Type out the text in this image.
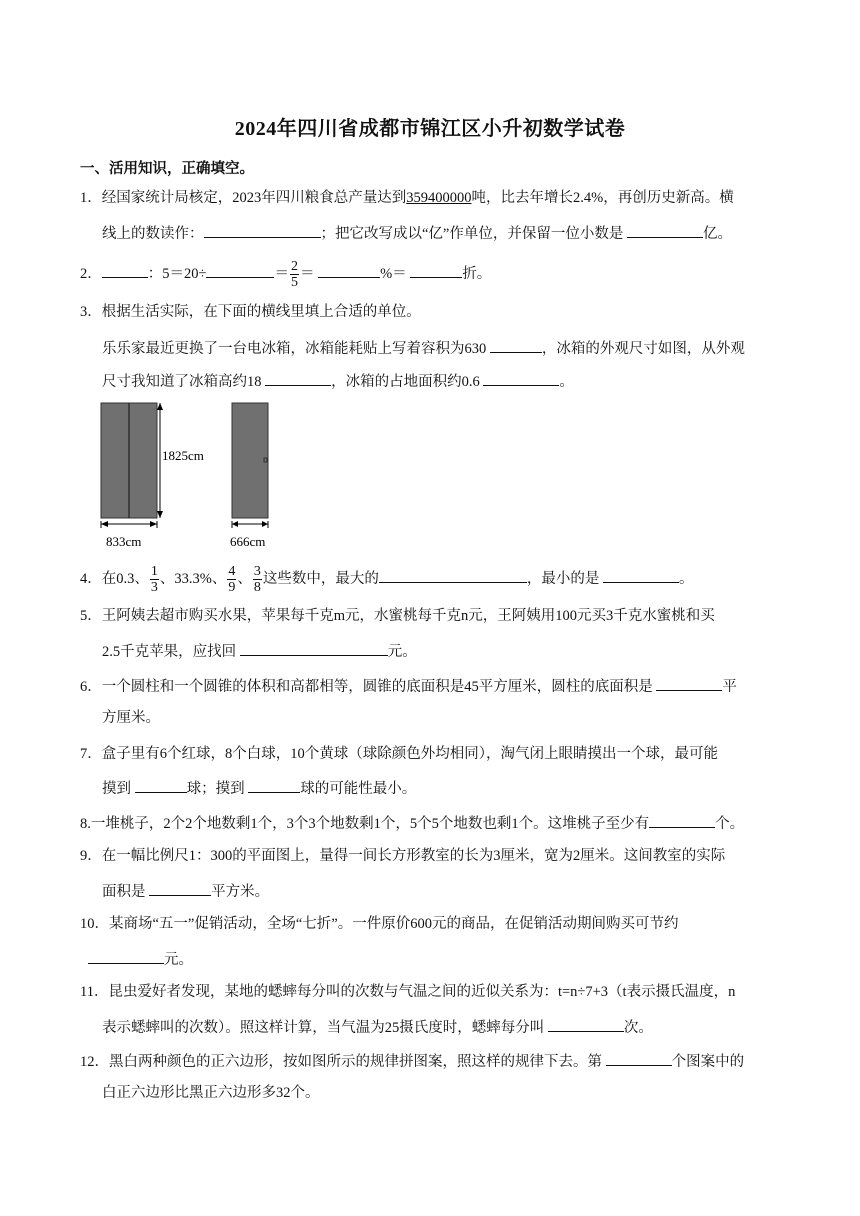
2024年四川省成都市锦江区小升初数学试卷
一、活用知识，正确填空。
1．经国家统计局核定，2023年四川粮食总产量达到359400000吨，比去年增长2.4%，再创历史新高。横
线上的数读作：	；把它改写成以“亿”作单位，并保留一位小数是	亿。
2．	：5＝20÷	＝ $\frac{2}{5}$ ＝	%＝	折。
3．根据生活实际，在下面的横线里填上合适的单位。
乐乐家最近更换了一台电冰箱，冰箱能耗贴上写着容积为630	，冰箱的外观尺寸如图，从外观
尺寸我知道了冰箱高约18	，冰箱的占地面积约0.6	。
1825cm
833cm	666cm
4．在0.3、 $\frac{1}{3}$ 、33.3%、 $\frac{4}{9}$ 、 $\frac{3}{8}$ 这些数中，最大的	，最小的是	。
5．王阿姨去超市购买水果，苹果每千克m元，水蜜桃每千克n元，王阿姨用100元买3千克水蜜桃和买
2.5千克苹果，应找回	元。
6．一个圆柱和一个圆锥的体积和高都相等，圆锥的底面积是45平方厘米，圆柱的底面积是	平
方厘米。
7．盒子里有6个红球，8个白球，10个黄球（球除颜色外均相同），淘气闭上眼睛摸出一个球，最可能
摸到	球；摸到	球的可能性最小。
8.一堆桃子，2个2个地数剩1个，3个3个地数剩1个，5个5个地数也剩1个。这堆桃子至少有	个。
9．在一幅比例尺1：300的平面图上，量得一间长方形教室的长为3厘米，宽为2厘米。这间教室的实际
面积是	平方米。
10．某商场“五一”促销活动，全场“七折”。一件原价600元的商品，在促销活动期间购买可节约
元。
11．昆虫爱好者发现，某地的蟋蟀每分叫的次数与气温之间的近似关系为：t=n÷7+3（t表示摄氏温度，n
表示蟋蟀叫的次数）。照这样计算，当气温为25摄氏度时，蟋蟀每分叫	次。
12．黑白两种颜色的正六边形，按如图所示的规律拼图案，照这样的规律下去。第	个图案中的
白正六边形比黑正六边形多32个。
